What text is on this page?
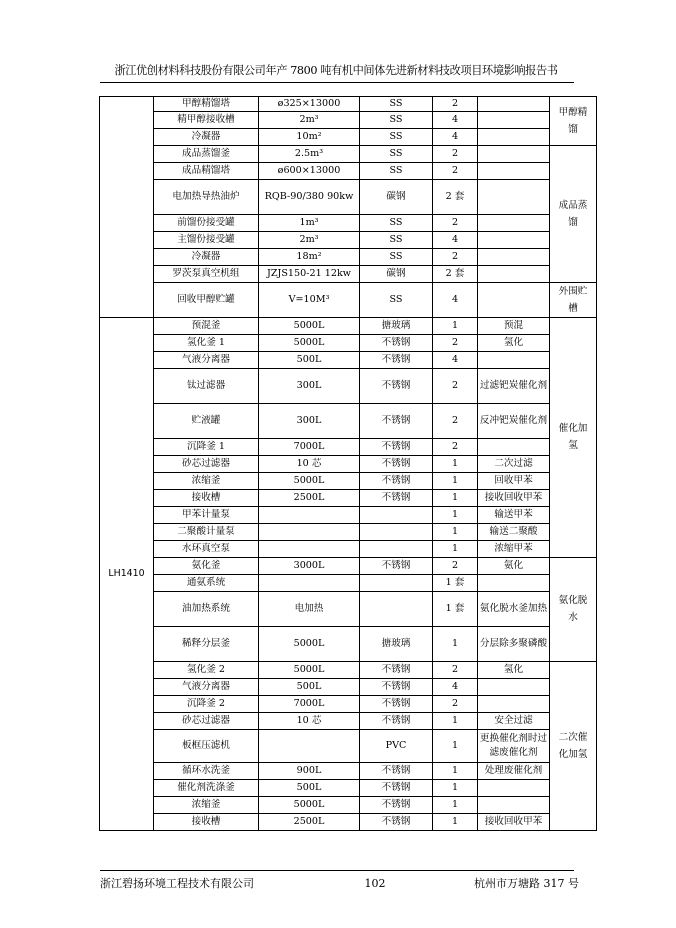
浙江优创材料科技股份有限公司年产 7800 吨有机中间体先进新材料技改项目环境影响报告书
	甲醇精馏塔	ø325×13000	SS	2		甲醇精馏
	精甲醇接收槽	2m³	SS	4		
	冷凝器	10m²	SS	4		
	成品蒸馏釜	2.5m³	SS	2		成品蒸馏
	成品精馏塔	ø600×13000	SS	2		
	电加热导热油炉	RQB-90/380 90kw	碳钢	2 套		
	前馏份接受罐	1m³	SS	2		
	主馏份接受罐	2m³	SS	4		
	冷凝器	18m²	SS	2		
	罗茨泵真空机组	JZJS150-21 12kw	碳钢	2 套		
	回收甲醇贮罐	V=10M³	SS	4		外围贮槽
LH1410	预混釜	5000L	搪玻璃	1	预混	催化加氢
	氢化釜 1	5000L	不锈钢	2	氢化	
	气液分离器	500L	不锈钢	4		
	钛过滤器	300L	不锈钢	2	过滤钯炭催化剂	
	贮液罐	300L	不锈钢	2	反冲钯炭催化剂	
	沉降釜 1	7000L	不锈钢	2		
	砂芯过滤器	10 芯	不锈钢	1	二次过滤	
	浓缩釜	5000L	不锈钢	1	回收甲苯	
	接收槽	2500L	不锈钢	1	接收回收甲苯	
	甲苯计量泵			1	输送甲苯	
	二聚酸计量泵			1	输送二聚酸	
	水环真空泵			1	浓缩甲苯	
	氨化釜	3000L	不锈钢	2	氨化	氨化脱水
	通氨系统			1 套		
	油加热系统	电加热		1 套	氨化脱水釜加热	
	稀释分层釜	5000L	搪玻璃	1	分层除多聚磷酸	
	氢化釜 2	5000L	不锈钢	2	氢化	二次催化加氢
	气液分离器	500L	不锈钢	4		
	沉降釜 2	7000L	不锈钢	2		
	砂芯过滤器	10 芯	不锈钢	1	安全过滤	
	板框压滤机		PVC	1	更换催化剂时过滤废催化剂	
	循环水洗釜	900L	不锈钢	1	处理废催化剂	
	催化剂洗涤釜	500L	不锈钢	1		
	浓缩釜	5000L	不锈钢	1		
	接收槽	2500L	不锈钢	1	接收回收甲苯	
浙江碧扬环境工程技术有限公司	102	杭州市万塘路 317 号
